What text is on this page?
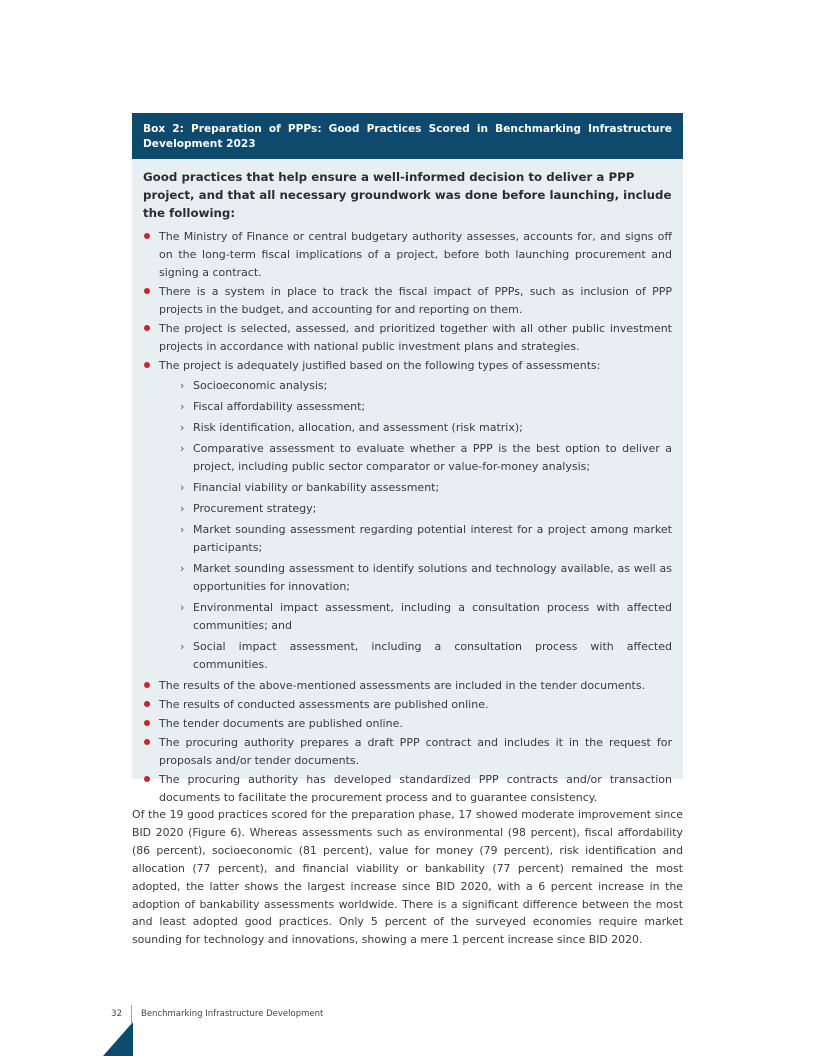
Box 2: Preparation of PPPs: Good Practices Scored in Benchmarking Infrastructure Development 2023

Good practices that help ensure a well-informed decision to deliver a PPP project, and that all necessary groundwork was done before launching, include the following:

The Ministry of Finance or central budgetary authority assesses, accounts for, and signs off on the long-term fiscal implications of a project, before both launching procurement and signing a contract.
There is a system in place to track the fiscal impact of PPPs, such as inclusion of PPP projects in the budget, and accounting for and reporting on them.
The project is selected, assessed, and prioritized together with all other public investment projects in accordance with national public investment plans and strategies.
The project is adequately justified based on the following types of assessments:
› Socioeconomic analysis;
› Fiscal affordability assessment;
› Risk identification, allocation, and assessment (risk matrix);
› Comparative assessment to evaluate whether a PPP is the best option to deliver a project, including public sector comparator or value-for-money analysis;
› Financial viability or bankability assessment;
› Procurement strategy;
› Market sounding assessment regarding potential interest for a project among market participants;
› Market sounding assessment to identify solutions and technology available, as well as opportunities for innovation;
› Environmental impact assessment, including a consultation process with affected communities; and
› Social impact assessment, including a consultation process with affected communities.
The results of the above-mentioned assessments are included in the tender documents.
The results of conducted assessments are published online.
The tender documents are published online.
The procuring authority prepares a draft PPP contract and includes it in the request for proposals and/or tender documents.
The procuring authority has developed standardized PPP contracts and/or transaction documents to facilitate the procurement process and to guarantee consistency.

Of the 19 good practices scored for the preparation phase, 17 showed moderate improvement since BID 2020 (Figure 6). Whereas assessments such as environmental (98 percent), fiscal affordability (86 percent), socioeconomic (81 percent), value for money (79 percent), risk identification and allocation (77 percent), and financial viability or bankability (77 percent) remained the most adopted, the latter shows the largest increase since BID 2020, with a 6 percent increase in the adoption of bankability assessments worldwide. There is a significant difference between the most and least adopted good practices. Only 5 percent of the surveyed economies require market sounding for technology and innovations, showing a mere 1 percent increase since BID 2020.

32	Benchmarking Infrastructure Development
